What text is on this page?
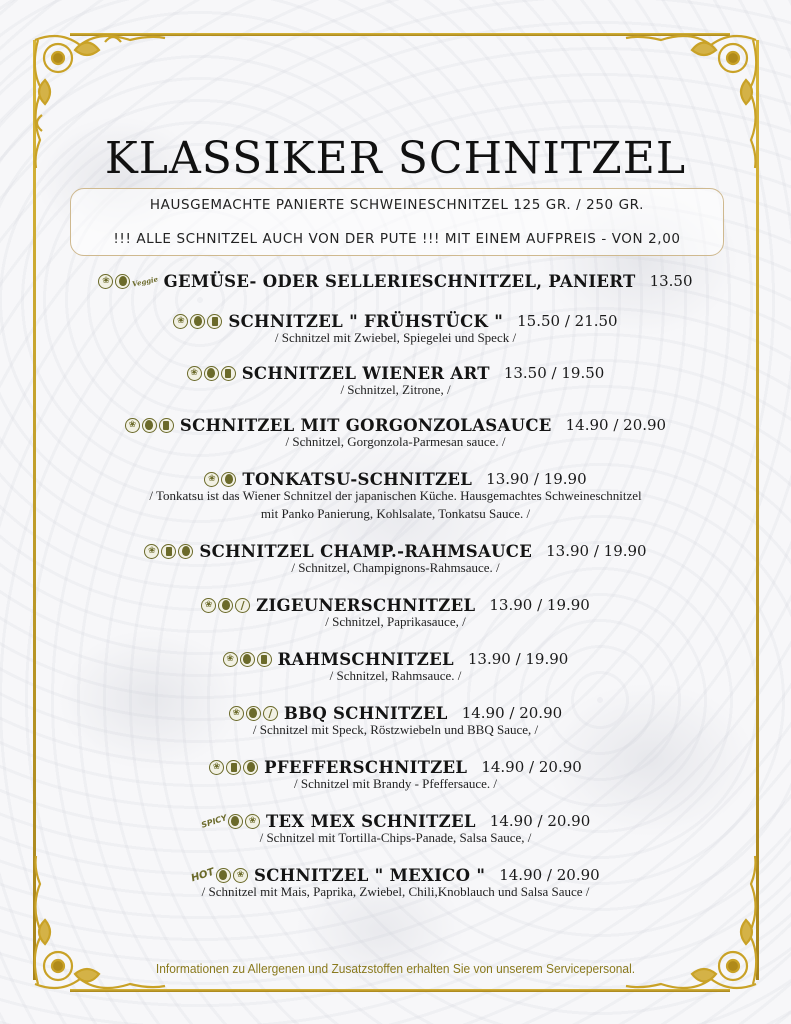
KLASSIKER SCHNITZEL
HAUSGEMACHTE PANIERTE SCHWEINESCHNITZEL 125 GR. / 250 GR.
!!! ALLE SCHNITZEL AUCH VON DER PUTE !!! MIT EINEM AUFPREIS - VON 2,00
❀
Veggie GEMÜSE- ODER SELLERIESCHNITZEL, PANIERT 13.50
❀
SCHNITZEL " FRÜHSTÜCK " 15.50 / 21.50
/ Schnitzel mit Zwiebel, Spiegelei und Speck /
❀
SCHNITZEL WIENER ART 13.50 / 19.50
/ Schnitzel, Zitrone, /
❀
SCHNITZEL MIT GORGONZOLASAUCE 14.90 / 20.90
/ Schnitzel, Gorgonzola-Parmesan sauce. /
❀
TONKATSU-SCHNITZEL 13.90 / 19.90
/ Tonkatsu ist das Wiener Schnitzel der japanischen Küche. Hausgemachtes Schweineschnitzel
mit Panko Panierung, Kohlsalate, Tonkatsu Sauce. /
❀
SCHNITZEL CHAMP.-RAHMSAUCE 13.90 / 19.90
/ Schnitzel, Champignons-Rahmsauce. /
❀
∕
ZIGEUNERSCHNITZEL 13.90 / 19.90
/ Schnitzel, Paprikasauce, /
❀
RAHMSCHNITZEL 13.90 / 19.90
/ Schnitzel, Rahmsauce. /
❀
∕
BBQ SCHNITZEL 14.90 / 20.90
/ Schnitzel mit Speck, Röstzwiebeln und BBQ Sauce, /
❀
PFEFFERSCHNITZEL 14.90 / 20.90
/ Schnitzel mit Brandy - Pfeffersauce. /
SPICY ❀ TEX MEX SCHNITZEL 14.90 / 20.90
/ Schnitzel mit Tortilla-Chips-Panade, Salsa Sauce, /
HOT ❀ SCHNITZEL " MEXICO " 14.90 / 20.90
/ Schnitzel mit Mais, Paprika, Zwiebel, Chili,Knoblauch und Salsa Sauce /
Informationen zu Allergenen und Zusatzstoffen erhalten Sie von unserem Servicepersonal.
